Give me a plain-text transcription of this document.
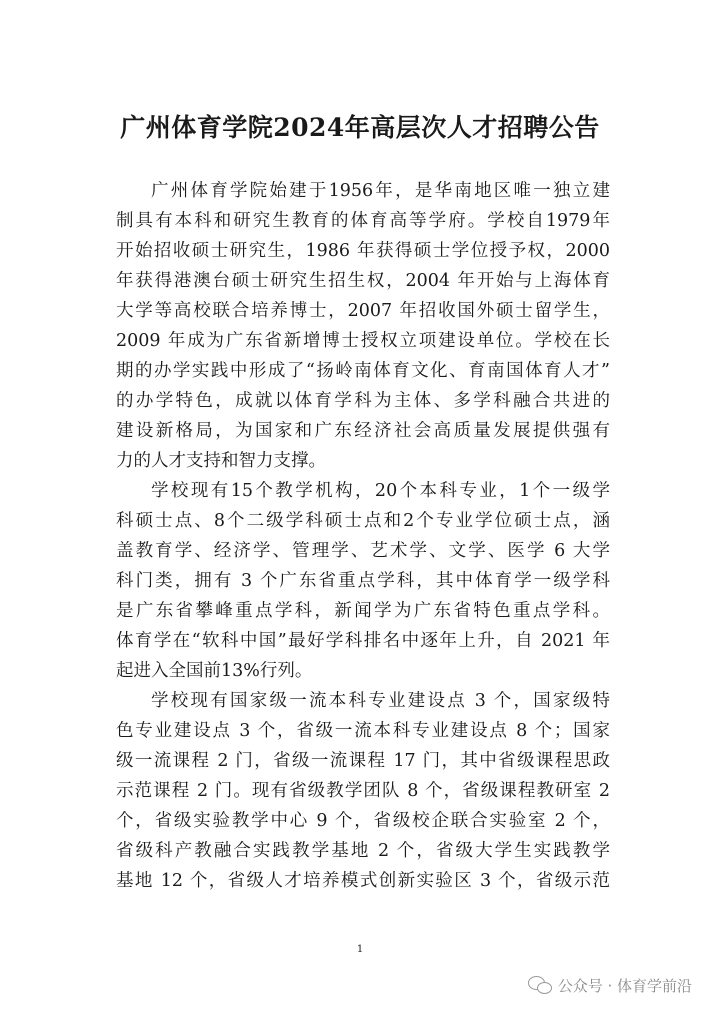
广州体育学院2024年高层次人才招聘公告

广州体育学院始建于1956年，是华南地区唯一独立建
制具有本科和研究生教育的体育高等学府。学校自1979年
开始招收硕士研究生，1986 年获得硕士学位授予权，2000
年获得港澳台硕士研究生招生权，2004 年开始与上海体育
大学等高校联合培养博士，2007 年招收国外硕士留学生，
2009 年成为广东省新增博士授权立项建设单位。学校在长
期的办学实践中形成了“扬岭南体育文化、育南国体育人才”
的办学特色，成就以体育学科为主体、多学科融合共进的
建设新格局，为国家和广东经济社会高质量发展提供强有
力的人才支持和智力支撑。

学校现有15个教学机构，20个本科专业，1个一级学
科硕士点、8个二级学科硕士点和2个专业学位硕士点，涵
盖教育学、经济学、管理学、艺术学、文学、医学 6 大学
科门类，拥有 3 个广东省重点学科，其中体育学一级学科
是广东省攀峰重点学科，新闻学为广东省特色重点学科。
体育学在“软科中国”最好学科排名中逐年上升，自 2021 年
起进入全国前13%行列。

学校现有国家级一流本科专业建设点 3 个，国家级特
色专业建设点 3 个，省级一流本科专业建设点 8 个；国家
级一流课程 2 门，省级一流课程 17 门，其中省级课程思政
示范课程 2 门。现有省级教学团队 8 个，省级课程教研室 2
个，省级实验教学中心 9 个，省级校企联合实验室 2 个，
省级科产教融合实践教学基地 2 个，省级大学生实践教学
基地 12 个，省级人才培养模式创新实验区 3 个，省级示范

1
公众号 · 体育学前沿
